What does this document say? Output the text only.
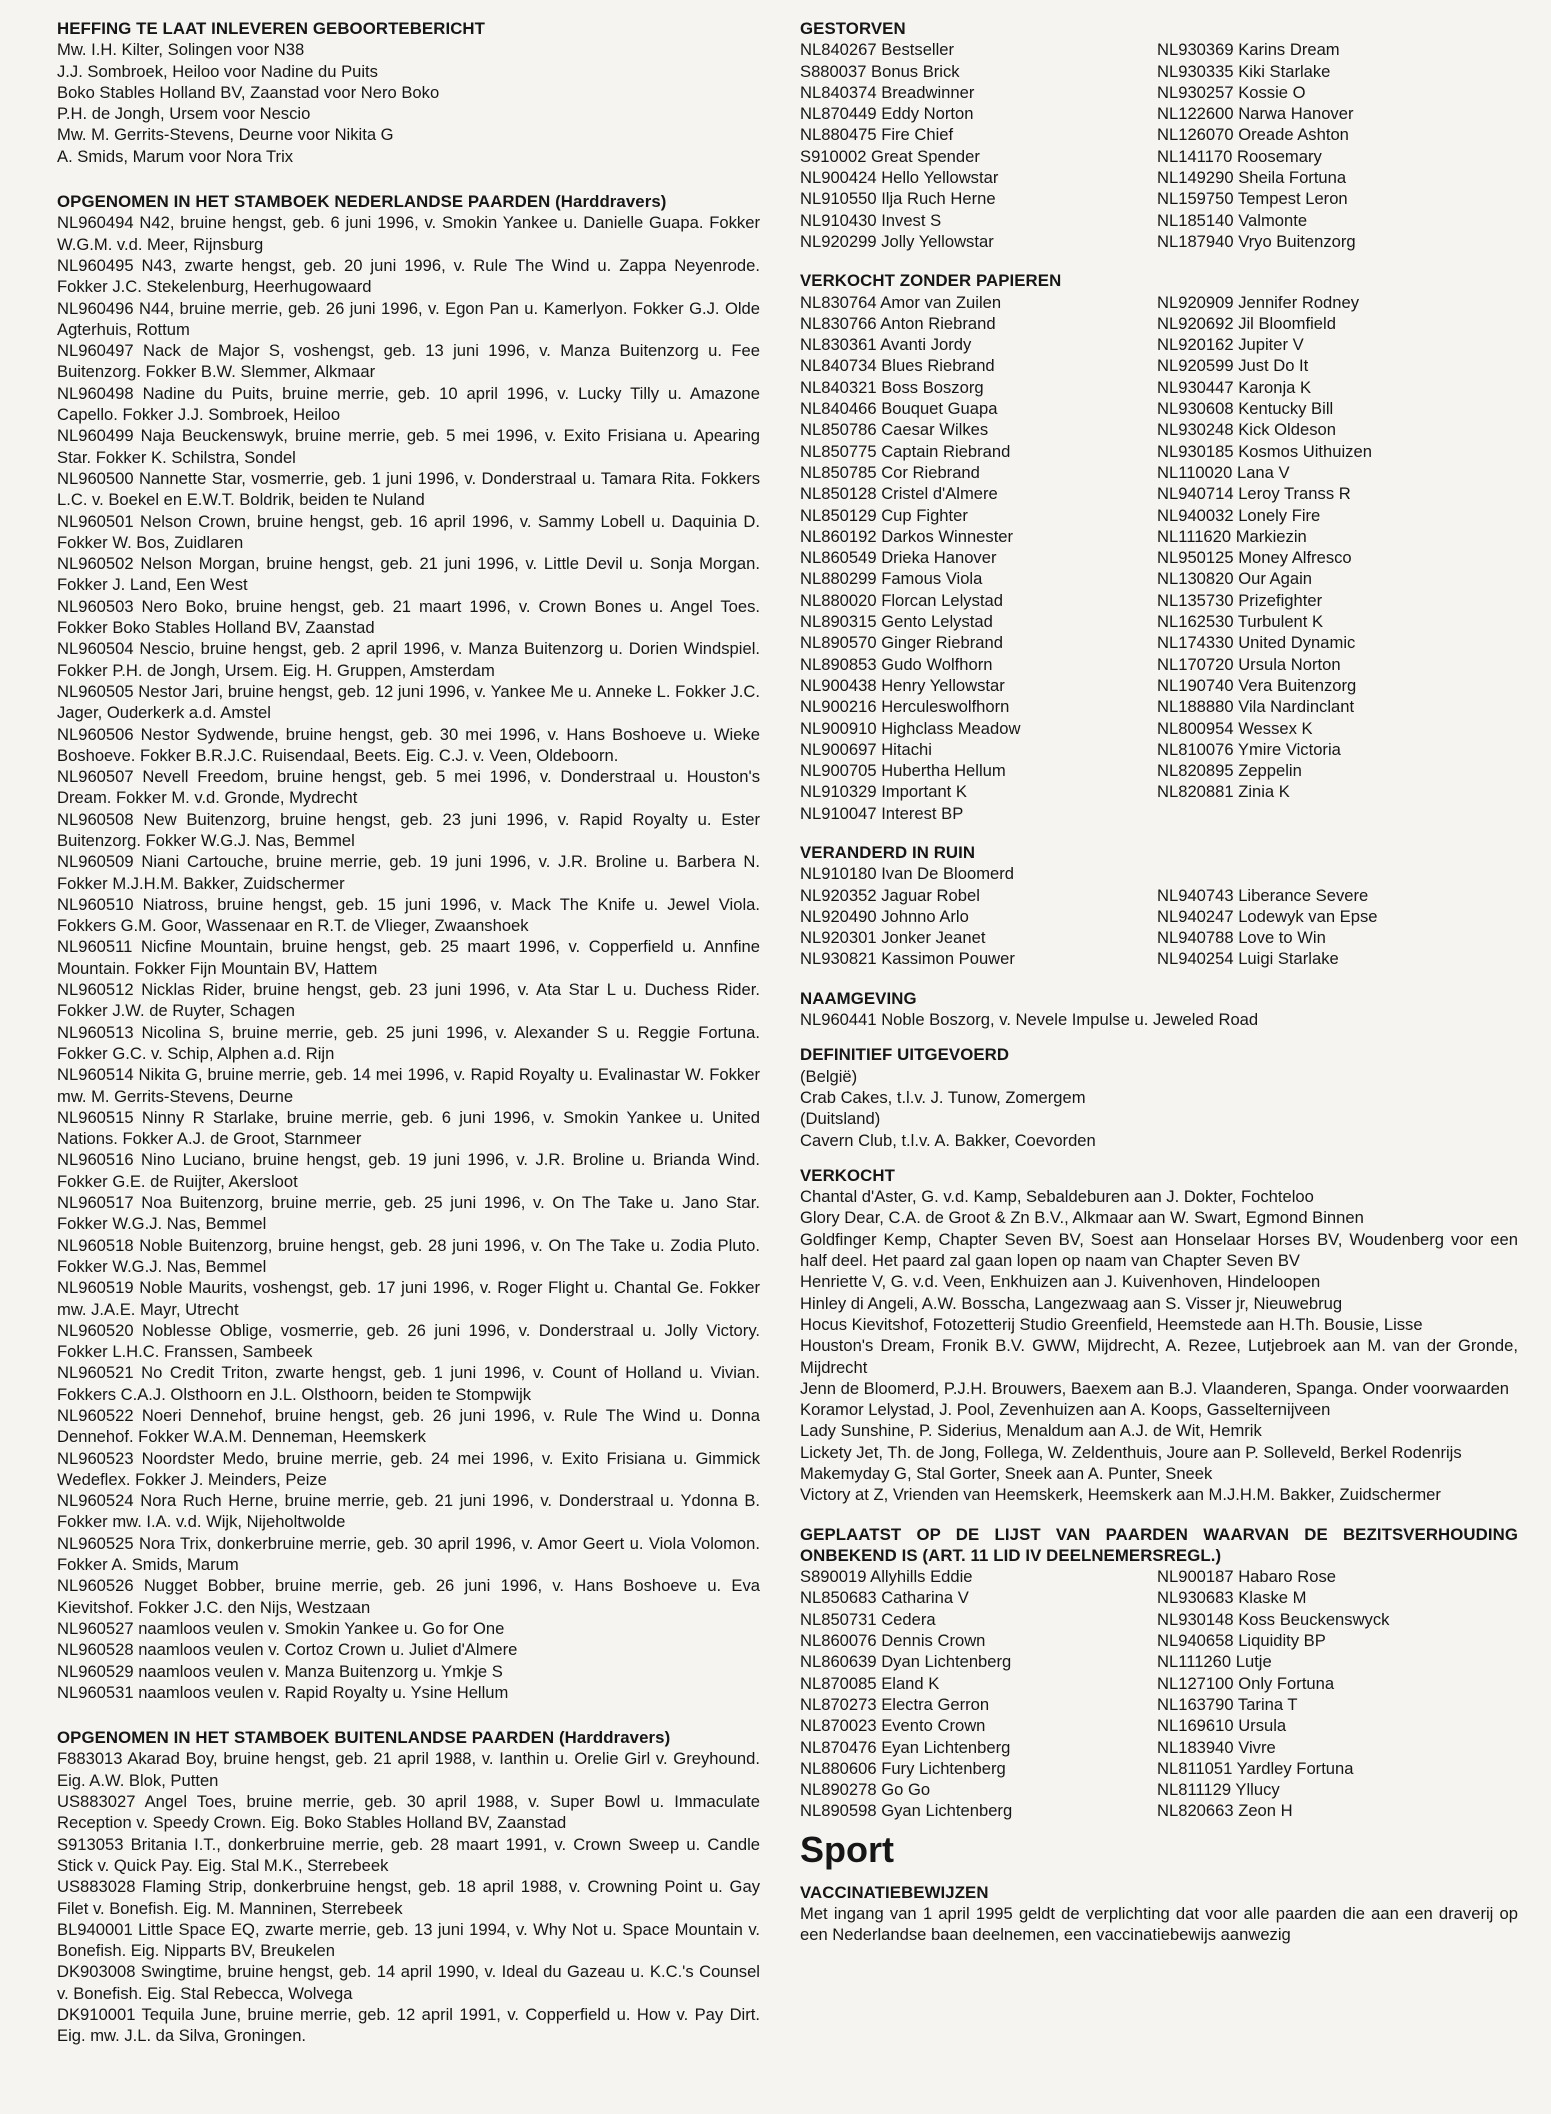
HEFFING TE LAAT INLEVEREN GEBOORTEBERICHT
Mw. I.H. Kilter, Solingen voor N38
J.J. Sombroek, Heiloo voor Nadine du Puits
Boko Stables Holland BV, Zaanstad voor Nero Boko
P.H. de Jongh, Ursem voor Nescio
Mw. M. Gerrits-Stevens, Deurne voor Nikita G
A. Smids, Marum voor Nora Trix
OPGENOMEN IN HET STAMBOEK NEDERLANDSE PAARDEN (Harddravers)
NL960494 N42, bruine hengst, geb. 6 juni 1996, v. Smokin Yankee u. Danielle Guapa. Fokker W.G.M. v.d. Meer, Rijnsburg
NL960495 N43, zwarte hengst, geb. 20 juni 1996, v. Rule The Wind u. Zappa Neyenrode. Fokker J.C. Stekelenburg, Heerhugowaard
NL960496 N44, bruine merrie, geb. 26 juni 1996, v. Egon Pan u. Kamerlyon. Fokker G.J. Olde Agterhuis, Rottum
NL960497 Nack de Major S, voshengst, geb. 13 juni 1996, v. Manza Buitenzorg u. Fee Buitenzorg. Fokker B.W. Slemmer, Alkmaar
NL960498 Nadine du Puits, bruine merrie, geb. 10 april 1996, v. Lucky Tilly u. Amazone Capello. Fokker J.J. Sombroek, Heiloo
NL960499 Naja Beuckenswyk, bruine merrie, geb. 5 mei 1996, v. Exito Frisiana u. Apearing Star. Fokker K. Schilstra, Sondel
NL960500 Nannette Star, vosmerrie, geb. 1 juni 1996, v. Donderstraal u. Tamara Rita. Fokkers L.C. v. Boekel en E.W.T. Boldrik, beiden te Nuland
NL960501 Nelson Crown, bruine hengst, geb. 16 april 1996, v. Sammy Lobell u. Daquinia D. Fokker W. Bos, Zuidlaren
NL960502 Nelson Morgan, bruine hengst, geb. 21 juni 1996, v. Little Devil u. Sonja Morgan. Fokker J. Land, Een West
NL960503 Nero Boko, bruine hengst, geb. 21 maart 1996, v. Crown Bones u. Angel Toes. Fokker Boko Stables Holland BV, Zaanstad
NL960504 Nescio, bruine hengst, geb. 2 april 1996, v. Manza Buitenzorg u. Dorien Windspiel. Fokker P.H. de Jongh, Ursem. Eig. H. Gruppen, Amsterdam
NL960505 Nestor Jari, bruine hengst, geb. 12 juni 1996, v. Yankee Me u. Anneke L. Fokker J.C. Jager, Ouderkerk a.d. Amstel
NL960506 Nestor Sydwende, bruine hengst, geb. 30 mei 1996, v. Hans Boshoeve u. Wieke Boshoeve. Fokker B.R.J.C. Ruisendaal, Beets. Eig. C.J. v. Veen, Oldeboorn.
NL960507 Nevell Freedom, bruine hengst, geb. 5 mei 1996, v. Donderstraal u. Houston's Dream. Fokker M. v.d. Gronde, Mydrecht
NL960508 New Buitenzorg, bruine hengst, geb. 23 juni 1996, v. Rapid Royalty u. Ester Buitenzorg. Fokker W.G.J. Nas, Bemmel
NL960509 Niani Cartouche, bruine merrie, geb. 19 juni 1996, v. J.R. Broline u. Barbera N. Fokker M.J.H.M. Bakker, Zuidschermer
NL960510 Niatross, bruine hengst, geb. 15 juni 1996, v. Mack The Knife u. Jewel Viola. Fokkers G.M. Goor, Wassenaar en R.T. de Vlieger, Zwaanshoek
NL960511 Nicfine Mountain, bruine hengst, geb. 25 maart 1996, v. Copperfield u. Annfine Mountain. Fokker Fijn Mountain BV, Hattem
NL960512 Nicklas Rider, bruine hengst, geb. 23 juni 1996, v. Ata Star L u. Duchess Rider. Fokker J.W. de Ruyter, Schagen
NL960513 Nicolina S, bruine merrie, geb. 25 juni 1996, v. Alexander S u. Reggie Fortuna. Fokker G.C. v. Schip, Alphen a.d. Rijn
NL960514 Nikita G, bruine merrie, geb. 14 mei 1996, v. Rapid Royalty u. Evalinastar W. Fokker mw. M. Gerrits-Stevens, Deurne
NL960515 Ninny R Starlake, bruine merrie, geb. 6 juni 1996, v. Smokin Yankee u. United Nations. Fokker A.J. de Groot, Starnmeer
NL960516 Nino Luciano, bruine hengst, geb. 19 juni 1996, v. J.R. Broline u. Brianda Wind. Fokker G.E. de Ruijter, Akersloot
NL960517 Noa Buitenzorg, bruine merrie, geb. 25 juni 1996, v. On The Take u. Jano Star. Fokker W.G.J. Nas, Bemmel
NL960518 Noble Buitenzorg, bruine hengst, geb. 28 juni 1996, v. On The Take u. Zodia Pluto. Fokker W.G.J. Nas, Bemmel
NL960519 Noble Maurits, voshengst, geb. 17 juni 1996, v. Roger Flight u. Chantal Ge. Fokker mw. J.A.E. Mayr, Utrecht
NL960520 Noblesse Oblige, vosmerrie, geb. 26 juni 1996, v. Donderstraal u. Jolly Victory. Fokker L.H.C. Franssen, Sambeek
NL960521 No Credit Triton, zwarte hengst, geb. 1 juni 1996, v. Count of Holland u. Vivian. Fokkers C.A.J. Olsthoorn en J.L. Olsthoorn, beiden te Stompwijk
NL960522 Noeri Dennehof, bruine hengst, geb. 26 juni 1996, v. Rule The Wind u. Donna Dennehof. Fokker W.A.M. Denneman, Heemskerk
NL960523 Noordster Medo, bruine merrie, geb. 24 mei 1996, v. Exito Frisiana u. Gimmick Wedeflex. Fokker J. Meinders, Peize
NL960524 Nora Ruch Herne, bruine merrie, geb. 21 juni 1996, v. Donderstraal u. Ydonna B. Fokker mw. I.A. v.d. Wijk, Nijeholtwolde
NL960525 Nora Trix, donkerbruine merrie, geb. 30 april 1996, v. Amor Geert u. Viola Volomon. Fokker A. Smids, Marum
NL960526 Nugget Bobber, bruine merrie, geb. 26 juni 1996, v. Hans Boshoeve u. Eva Kievitshof. Fokker J.C. den Nijs, Westzaan
NL960527 naamloos veulen v. Smokin Yankee u. Go for One
NL960528 naamloos veulen v. Cortoz Crown u. Juliet d'Almere
NL960529 naamloos veulen v. Manza Buitenzorg u. Ymkje S
NL960531 naamloos veulen v. Rapid Royalty u. Ysine Hellum
OPGENOMEN IN HET STAMBOEK BUITENLANDSE PAARDEN (Harddravers)
F883013 Akarad Boy, bruine hengst, geb. 21 april 1988, v. Ianthin u. Orelie Girl v. Greyhound. Eig. A.W. Blok, Putten
US883027 Angel Toes, bruine merrie, geb. 30 april 1988, v. Super Bowl u. Immaculate Reception v. Speedy Crown. Eig. Boko Stables Holland BV, Zaanstad
S913053 Britania I.T., donkerbruine merrie, geb. 28 maart 1991, v. Crown Sweep u. Candle Stick v. Quick Pay. Eig. Stal M.K., Sterrebeek
US883028 Flaming Strip, donkerbruine hengst, geb. 18 april 1988, v. Crowning Point u. Gay Filet v. Bonefish. Eig. M. Manninen, Sterrebeek
BL940001 Little Space EQ, zwarte merrie, geb. 13 juni 1994, v. Why Not u. Space Mountain v. Bonefish. Eig. Nipparts BV, Breukelen
DK903008 Swingtime, bruine hengst, geb. 14 april 1990, v. Ideal du Gazeau u. K.C.'s Counsel v. Bonefish. Eig. Stal Rebecca, Wolvega
DK910001 Tequila June, bruine merrie, geb. 12 april 1991, v. Copperfield u. How v. Pay Dirt. Eig. mw. J.L. da Silva, Groningen.
GESTORVEN
NL840267 Bestseller
S880037 Bonus Brick
NL840374 Breadwinner
NL870449 Eddy Norton
NL880475 Fire Chief
S910002 Great Spender
NL900424 Hello Yellowstar
NL910550 Ilja Ruch Herne
NL910430 Invest S
NL920299 Jolly Yellowstar
NL930369 Karins Dream
NL930335 Kiki Starlake
NL930257 Kossie O
NL122600 Narwa Hanover
NL126070 Oreade Ashton
NL141170 Roosemary
NL149290 Sheila Fortuna
NL159750 Tempest Leron
NL185140 Valmonte
NL187940 Vryo Buitenzorg
VERKOCHT ZONDER PAPIEREN
NL830764 Amor van Zuilen
NL830766 Anton Riebrand
NL830361 Avanti Jordy
NL840734 Blues Riebrand
NL840321 Boss Boszorg
NL840466 Bouquet Guapa
NL850786 Caesar Wilkes
NL850775 Captain Riebrand
NL850785 Cor Riebrand
NL850128 Cristel d'Almere
NL850129 Cup Fighter
NL860192 Darkos Winnester
NL860549 Drieka Hanover
NL880299 Famous Viola
NL880020 Florcan Lelystad
NL890315 Gento Lelystad
NL890570 Ginger Riebrand
NL890853 Gudo Wolfhorn
NL900438 Henry Yellowstar
NL900216 Herculeswolfhorn
NL900910 Highclass Meadow
NL900697 Hitachi
NL900705 Hubertha Hellum
NL910329 Important K
NL910047 Interest BP
NL920909 Jennifer Rodney
NL920692 Jil Bloomfield
NL920162 Jupiter V
NL920599 Just Do It
NL930447 Karonja K
NL930608 Kentucky Bill
NL930248 Kick Oldeson
NL930185 Kosmos Uithuizen
NL110020 Lana V
NL940714 Leroy Transs R
NL940032 Lonely Fire
NL111620 Markiezin
NL950125 Money Alfresco
NL130820 Our Again
NL135730 Prizefighter
NL162530 Turbulent K
NL174330 United Dynamic
NL170720 Ursula Norton
NL190740 Vera Buitenzorg
NL188880 Vila Nardinclant
NL800954 Wessex K
NL810076 Ymire Victoria
NL820895 Zeppelin
NL820881 Zinia K
VERANDERD IN RUIN
NL910180 Ivan De Bloomerd
NL920352 Jaguar Robel
NL920490 Johnno Arlo
NL920301 Jonker Jeanet
NL930821 Kassimon Pouwer

NL940743 Liberance Severe
NL940247 Lodewyk van Epse
NL940788 Love to Win
NL940254 Luigi Starlake
NAAMGEVING
NL960441 Noble Boszorg, v. Nevele Impulse u. Jeweled Road
DEFINITIEF UITGEVOERD
(België)
Crab Cakes, t.l.v. J. Tunow, Zomergem
(Duitsland)
Cavern Club, t.l.v. A. Bakker, Coevorden
VERKOCHT
Chantal d'Aster, G. v.d. Kamp, Sebaldeburen aan J. Dokter, Fochteloo
Glory Dear, C.A. de Groot & Zn B.V., Alkmaar aan W. Swart, Egmond Binnen
Goldfinger Kemp, Chapter Seven BV, Soest aan Honselaar Horses BV, Woudenberg voor een half deel. Het paard zal gaan lopen op naam van Chapter Seven BV
Henriette V, G. v.d. Veen, Enkhuizen aan J. Kuivenhoven, Hindeloopen
Hinley di Angeli, A.W. Bosscha, Langezwaag aan S. Visser jr, Nieuwebrug
Hocus Kievitshof, Fotozetterij Studio Greenfield, Heemstede aan H.Th. Bousie, Lisse
Houston's Dream, Fronik B.V. GWW, Mijdrecht, A. Rezee, Lutjebroek aan M. van der Gronde, Mijdrecht
Jenn de Bloomerd, P.J.H. Brouwers, Baexem aan B.J. Vlaanderen, Spanga. Onder voorwaarden
Koramor Lelystad, J. Pool, Zevenhuizen aan A. Koops, Gasselternijveen
Lady Sunshine, P. Siderius, Menaldum aan A.J. de Wit, Hemrik
Lickety Jet, Th. de Jong, Follega, W. Zeldenthuis, Joure aan P. Solleveld, Berkel Rodenrijs
Makemyday G, Stal Gorter, Sneek aan A. Punter, Sneek
Victory at Z, Vrienden van Heemskerk, Heemskerk aan M.J.H.M. Bakker, Zuidschermer
GEPLAATST OP DE LIJST VAN PAARDEN WAARVAN DE BEZITSVERHOUDING ONBEKEND IS (ART. 11 LID IV DEELNEMERSREGL.)
S890019 Allyhills Eddie
NL850683 Catharina V
NL850731 Cedera
NL860076 Dennis Crown
NL860639 Dyan Lichtenberg
NL870085 Eland K
NL870273 Electra Gerron
NL870023 Evento Crown
NL870476 Eyan Lichtenberg
NL880606 Fury Lichtenberg
NL890278 Go Go
NL890598 Gyan Lichtenberg
NL900187 Habaro Rose
NL930683 Klaske M
NL930148 Koss Beuckenswyck
NL940658 Liquidity BP
NL111260 Lutje
NL127100 Only Fortuna
NL163790 Tarina T
NL169610 Ursula
NL183940 Vivre
NL811051 Yardley Fortuna
NL811129 Yllucy
NL820663 Zeon H
Sport
VACCINATIEBEWIJZEN
Met ingang van 1 april 1995 geldt de verplichting dat voor alle paarden die aan een draverij op een Nederlandse baan deelnemen, een vaccinatiebewijs aanwezig
